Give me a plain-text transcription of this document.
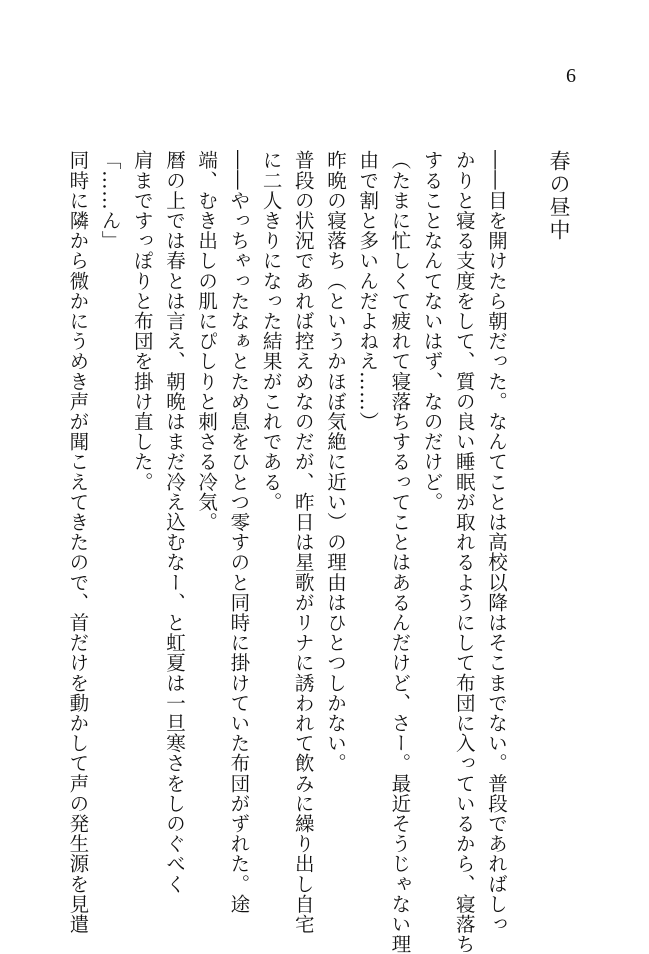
6
春の昼中
――目を開けたら朝だった。なんてことは高校以降はそこまでない。普段であればしっ
かりと寝る支度をして、質の良い睡眠が取れるようにして布団に入っているから、寝落ち
することなんてないはず、なのだけど。
（たまに忙しくて疲れて寝落ちするってことはあるんだけど、さー。最近そうじゃない理
由で割と多いんだよねえ……）
昨晩の寝落ち（というかほぼ気絶に近い）の理由はひとつしかない。
普段の状況であれば控えめなのだが、昨日は星歌がリナに誘われて飲みに繰り出し自宅
に二人きりになった結果がこれである。
――やっちゃったなぁとため息をひとつ零すのと同時に掛けていた布団がずれた。途
端、むき出しの肌にぴしりと刺さる冷気。
暦の上では春とは言え、朝晩はまだ冷え込むなー、と虹夏は一旦寒さをしのぐべく
肩まですっぽりと布団を掛け直した。
「……ん」
同時に隣から微かにうめき声が聞こえてきたので、首だけを動かして声の発生源を見遣
